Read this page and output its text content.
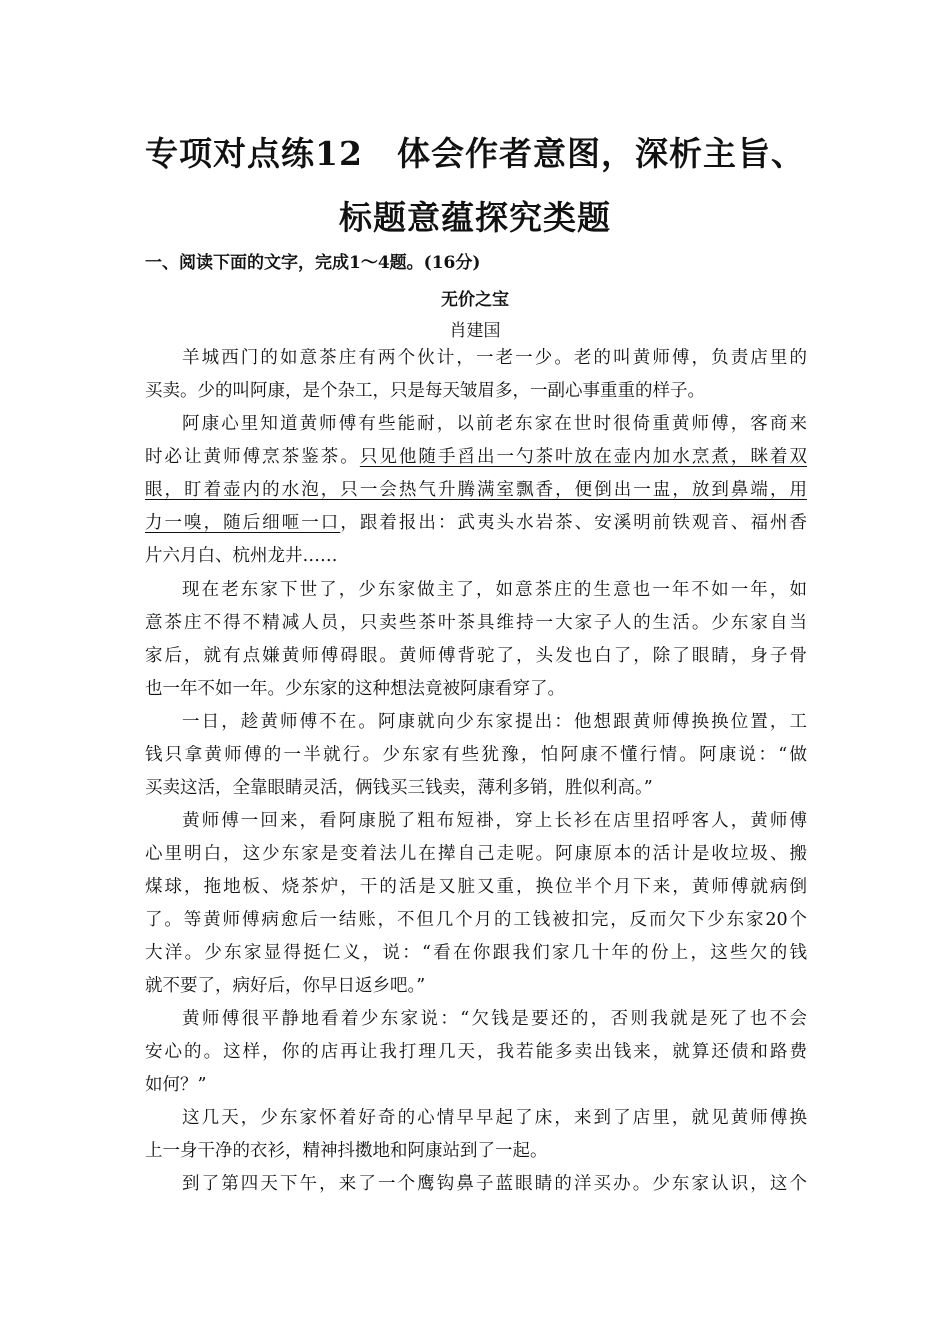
专项对点练12　体会作者意图，深析主旨、
标题意蕴探究类题
一、阅读下面的文字，完成1～4题。(16分)
无价之宝
肖建国
羊城西门的如意茶庄有两个伙计，一老一少。老的叫黄师傅，负责店里的
买卖。少的叫阿康，是个杂工，只是每天皱眉多，一副心事重重的样子。
阿康心里知道黄师傅有些能耐，以前老东家在世时很倚重黄师傅，客商来
时必让黄师傅烹茶鉴茶。只见他随手舀出一勺茶叶放在壶内加水烹煮，眯着双
眼，盯着壶内的水泡，只一会热气升腾满室飘香，便倒出一盅，放到鼻端，用
力一嗅，随后细咂一口，跟着报出：武夷头水岩茶、安溪明前铁观音、福州香
片六月白、杭州龙井……
现在老东家下世了，少东家做主了，如意茶庄的生意也一年不如一年，如
意茶庄不得不精减人员，只卖些茶叶茶具维持一大家子人的生活。少东家自当
家后，就有点嫌黄师傅碍眼。黄师傅背驼了，头发也白了，除了眼睛，身子骨
也一年不如一年。少东家的这种想法竟被阿康看穿了。
一日，趁黄师傅不在。阿康就向少东家提出：他想跟黄师傅换换位置，工
钱只拿黄师傅的一半就行。少东家有些犹豫，怕阿康不懂行情。阿康说：“做
买卖这活，全靠眼睛灵活，俩钱买三钱卖，薄利多销，胜似利高。”
黄师傅一回来，看阿康脱了粗布短褂，穿上长衫在店里招呼客人，黄师傅
心里明白，这少东家是变着法儿在撵自己走呢。阿康原本的活计是收垃圾、搬
煤球，拖地板、烧茶炉，干的活是又脏又重，换位半个月下来，黄师傅就病倒
了。等黄师傅病愈后一结账，不但几个月的工钱被扣完，反而欠下少东家20个
大洋。少东家显得挺仁义，说：“看在你跟我们家几十年的份上，这些欠的钱
就不要了，病好后，你早日返乡吧。”
黄师傅很平静地看着少东家说：“欠钱是要还的，否则我就是死了也不会
安心的。这样，你的店再让我打理几天，我若能多卖出钱来，就算还债和路费
如何？”
这几天，少东家怀着好奇的心情早早起了床，来到了店里，就见黄师傅换
上一身干净的衣衫，精神抖擞地和阿康站到了一起。
到了第四天下午，来了一个鹰钩鼻子蓝眼睛的洋买办。少东家认识，这个
